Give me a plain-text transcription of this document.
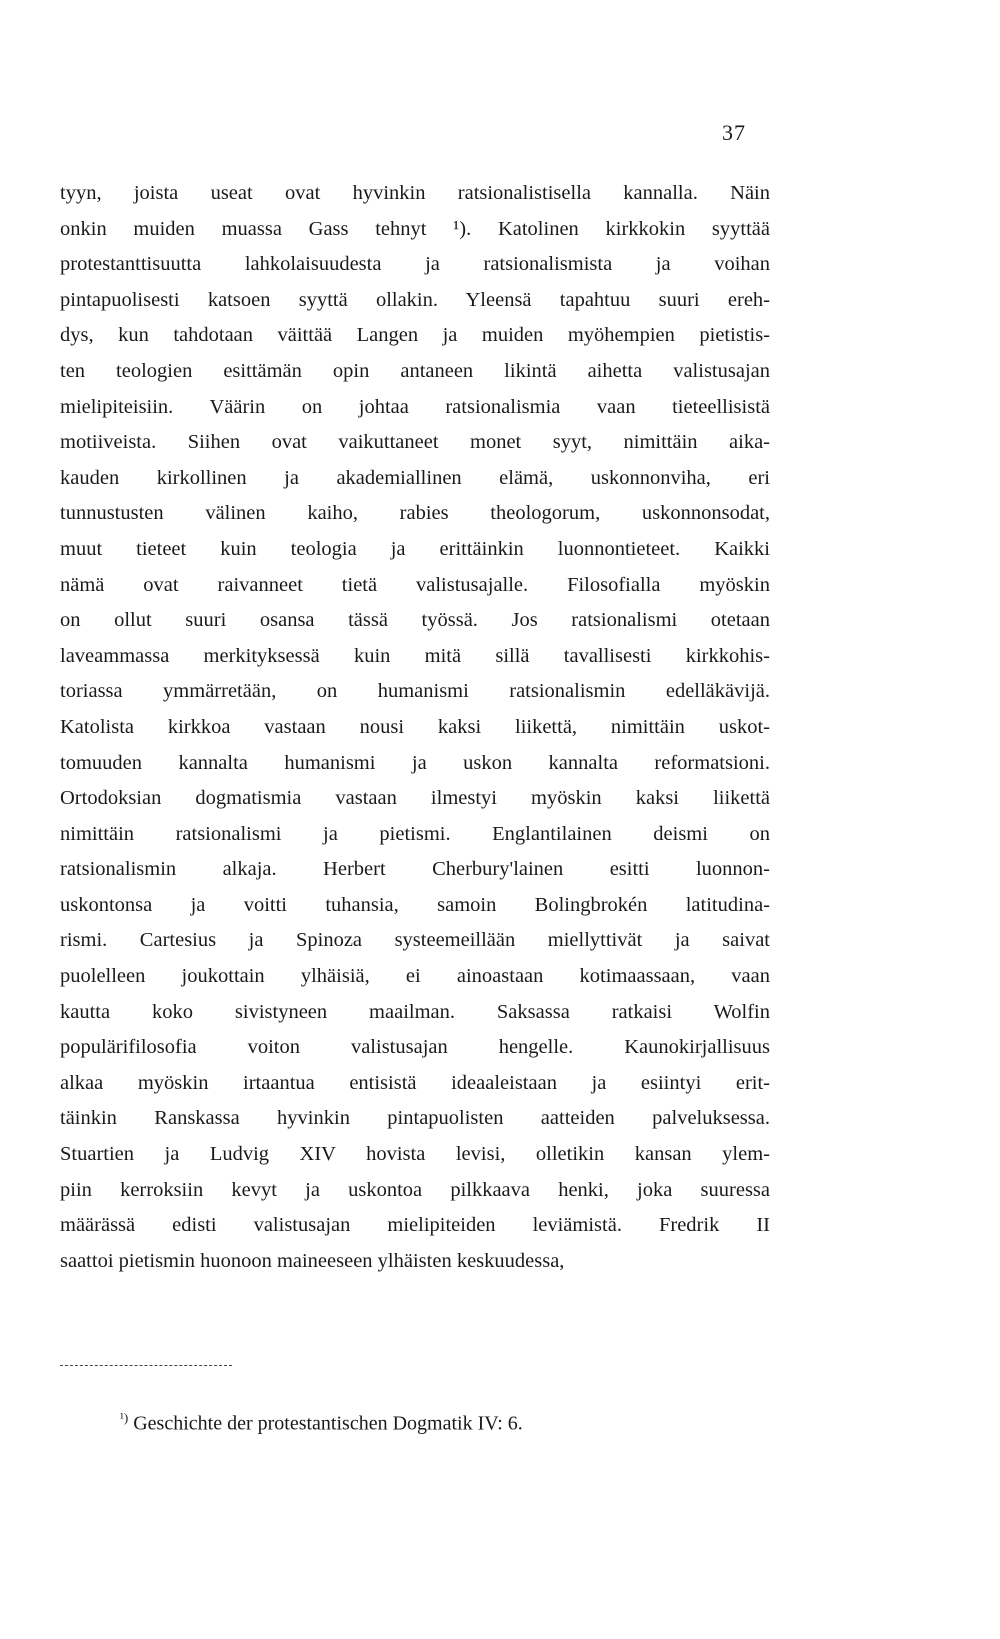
37
tyyn, joista useat ovat hyvinkin ratsionalistisella kannalla. Näin
onkin muiden muassa Gass tehnyt ¹). Katolinen kirkkokin syyttää
protestanttisuutta lahkolaisuudesta ja ratsionalismista ja voihan
pintapuolisesti katsoen syyttä ollakin. Yleensä tapahtuu suuri ereh-
dys, kun tahdotaan väittää Langen ja muiden myöhempien pietistis-
ten teologien esittämän opin antaneen likintä aihetta valistusajan
mielipiteisiin. Väärin on johtaa ratsionalismia vaan tieteellisistä
motiiveista. Siihen ovat vaikuttaneet monet syyt, nimittäin aika-
kauden kirkollinen ja akademiallinen elämä, uskonnonviha, eri
tunnustusten välinen kaiho, rabies theologorum, uskonnonsodat,
muut tieteet kuin teologia ja erittäinkin luonnontieteet. Kaikki
nämä ovat raivanneet tietä valistusajalle. Filosofialla myöskin
on ollut suuri osansa tässä työssä. Jos ratsionalismi otetaan
laveammassa merkityksessä kuin mitä sillä tavallisesti kirkkohis-
toriassa ymmärretään, on humanismi ratsionalismin edelläkävijä.
Katolista kirkkoa vastaan nousi kaksi liikettä, nimittäin uskot-
tomuuden kannalta humanismi ja uskon kannalta reformatsioni.
Ortodoksian dogmatismia vastaan ilmestyi myöskin kaksi liikettä
nimittäin ratsionalismi ja pietismi. Englantilainen deismi on
ratsionalismin alkaja. Herbert Cherbury'lainen esitti luonnon-
uskontonsa ja voitti tuhansia, samoin Bolingbrokén latitudina-
rismi. Cartesius ja Spinoza systeemeillään miellyttivät ja saivat
puolelleen joukottain ylhäisiä, ei ainoastaan kotimaassaan, vaan
kautta koko sivistyneen maailman. Saksassa ratkaisi Wolfin
populärifilosofia voiton valistusajan hengelle. Kaunokirjallisuus
alkaa myöskin irtaantua entisistä ideaaleistaan ja esiintyi erit-
täinkin Ranskassa hyvinkin pintapuolisten aatteiden palveluksessa.
Stuartien ja Ludvig XIV hovista levisi, olletikin kansan ylem-
piin kerroksiin kevyt ja uskontoa pilkkaava henki, joka suuressa
määrässä edisti valistusajan mielipiteiden leviämistä. Fredrik II
saattoi pietismin huonoon maineeseen ylhäisten keskuudessa,
$^{^1)}$ Geschichte der protestantischen Dogmatik IV: 6.
